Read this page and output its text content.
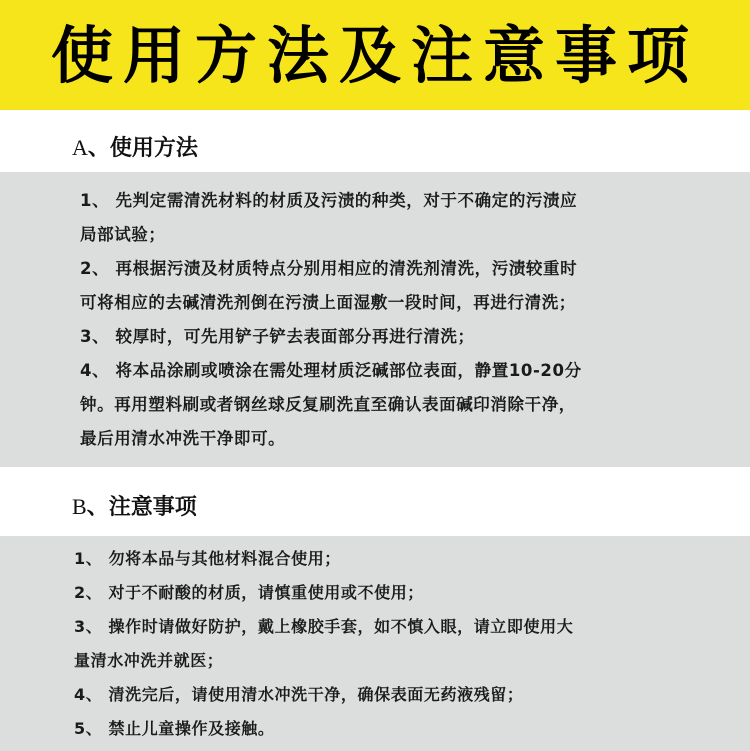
使用方法及注意事项
A、使用方法
1、 先判定需清洗材料的材质及污渍的种类，对于不确定的污渍应
局部试验；
2、 再根据污渍及材质特点分别用相应的清洗剂清洗，污渍较重时
可将相应的去碱清洗剂倒在污渍上面湿敷一段时间，再进行清洗；
3、 较厚时，可先用铲子铲去表面部分再进行清洗；
4、 将本品涂刷或喷涂在需处理材质泛碱部位表面，静置10-20分
钟。再用塑料刷或者钢丝球反复刷洗直至确认表面碱印消除干净，
最后用清水冲洗干净即可。
B、注意事项
1、 勿将本品与其他材料混合使用；
2、 对于不耐酸的材质，请慎重使用或不使用；
3、 操作时请做好防护，戴上橡胶手套，如不慎入眼，请立即使用大
量清水冲洗并就医；
4、 清洗完后，请使用清水冲洗干净，确保表面无药液残留；
5、 禁止儿童操作及接触。
